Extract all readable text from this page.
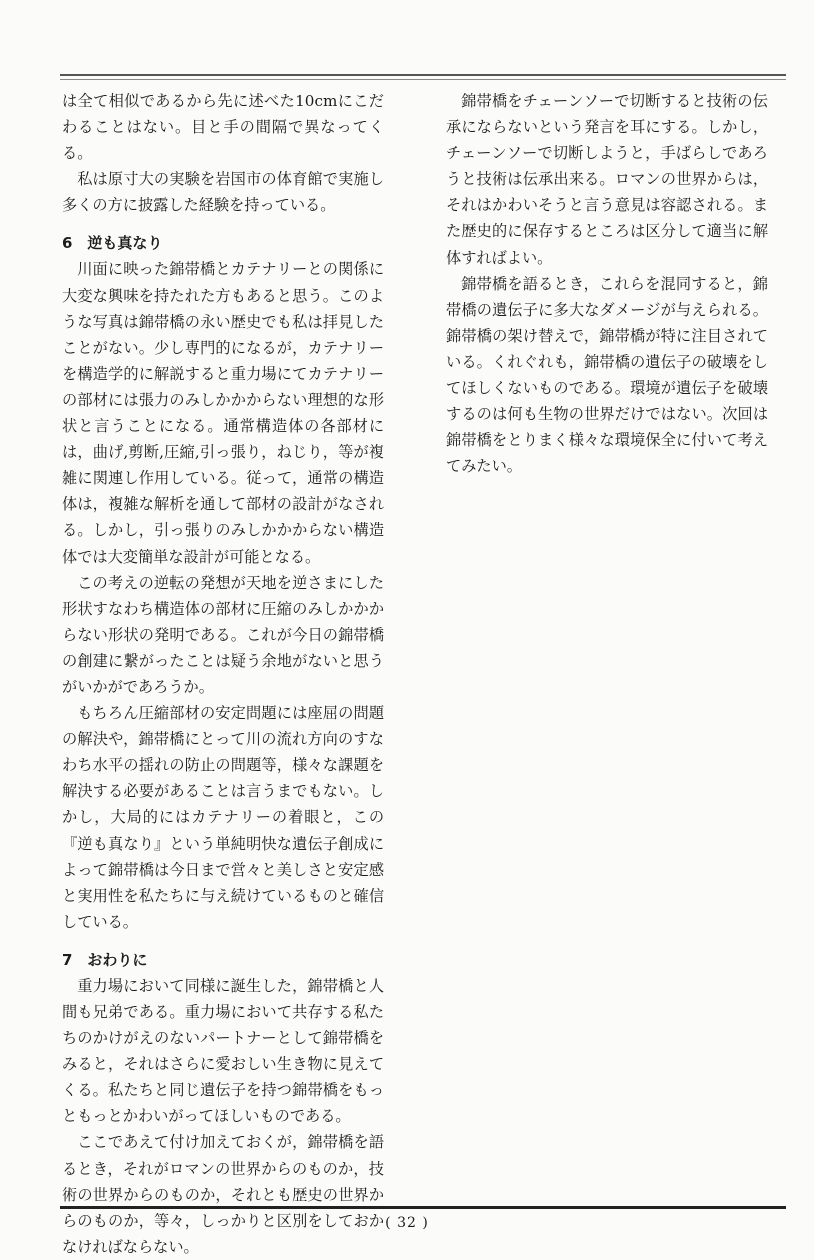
は全て相似であるから先に述べた10cmにこだわることはない。目と手の間隔で異なってくる。

私は原寸大の実験を岩国市の体育館で実施し多くの方に披露した経験を持っている。

6　逆も真なり

川面に映った錦帯橋とカテナリーとの関係に大変な興味を持たれた方もあると思う。このような写真は錦帯橋の永い歴史でも私は拝見したことがない。少し専門的になるが，カテナリーを構造学的に解説すると重力場にてカテナリーの部材には張力のみしかかからない理想的な形状と言うことになる。通常構造体の各部材には，曲げ,剪断,圧縮,引っ張り，ねじり，等が複雑に関連し作用している。従って，通常の構造体は，複雑な解析を通して部材の設計がなされる。しかし，引っ張りのみしかかからない構造体では大変簡単な設計が可能となる。

この考えの逆転の発想が天地を逆さまにした形状すなわち構造体の部材に圧縮のみしかかからない形状の発明である。これが今日の錦帯橋の創建に繋がったことは疑う余地がないと思うがいかがであろうか。

もちろん圧縮部材の安定問題には座屈の問題の解決や，錦帯橋にとって川の流れ方向のすなわち水平の揺れの防止の問題等，様々な課題を解決する必要があることは言うまでもない。しかし，大局的にはカテナリーの着眼と，この『逆も真なり』という単純明快な遺伝子創成によって錦帯橋は今日まで営々と美しさと安定感と実用性を私たちに与え続けているものと確信している。

7　おわりに

重力場において同様に誕生した，錦帯橋と人間も兄弟である。重力場において共存する私たちのかけがえのないパートナーとして錦帯橋をみると，それはさらに愛おしい生き物に見えてくる。私たちと同じ遺伝子を持つ錦帯橋をもっともっとかわいがってほしいものである。

ここであえて付け加えておくが，錦帯橋を語るとき，それがロマンの世界からのものか，技術の世界からのものか，それとも歴史の世界からのものか，等々，しっかりと区別をしておかなければならない。

錦帯橋をチェーンソーで切断すると技術の伝承にならないという発言を耳にする。しかし，チェーンソーで切断しようと，手ばらしであろうと技術は伝承出来る。ロマンの世界からは，それはかわいそうと言う意見は容認される。また歴史的に保存するところは区分して適当に解体すればよい。

錦帯橋を語るとき，これらを混同すると，錦帯橋の遺伝子に多大なダメージが与えられる。錦帯橋の架け替えで，錦帯橋が特に注目されている。くれぐれも，錦帯橋の遺伝子の破壊をしてほしくないものである。環境が遺伝子を破壊するのは何も生物の世界だけではない。次回は錦帯橋をとりまく様々な環境保全に付いて考えてみたい。

( 32 )
